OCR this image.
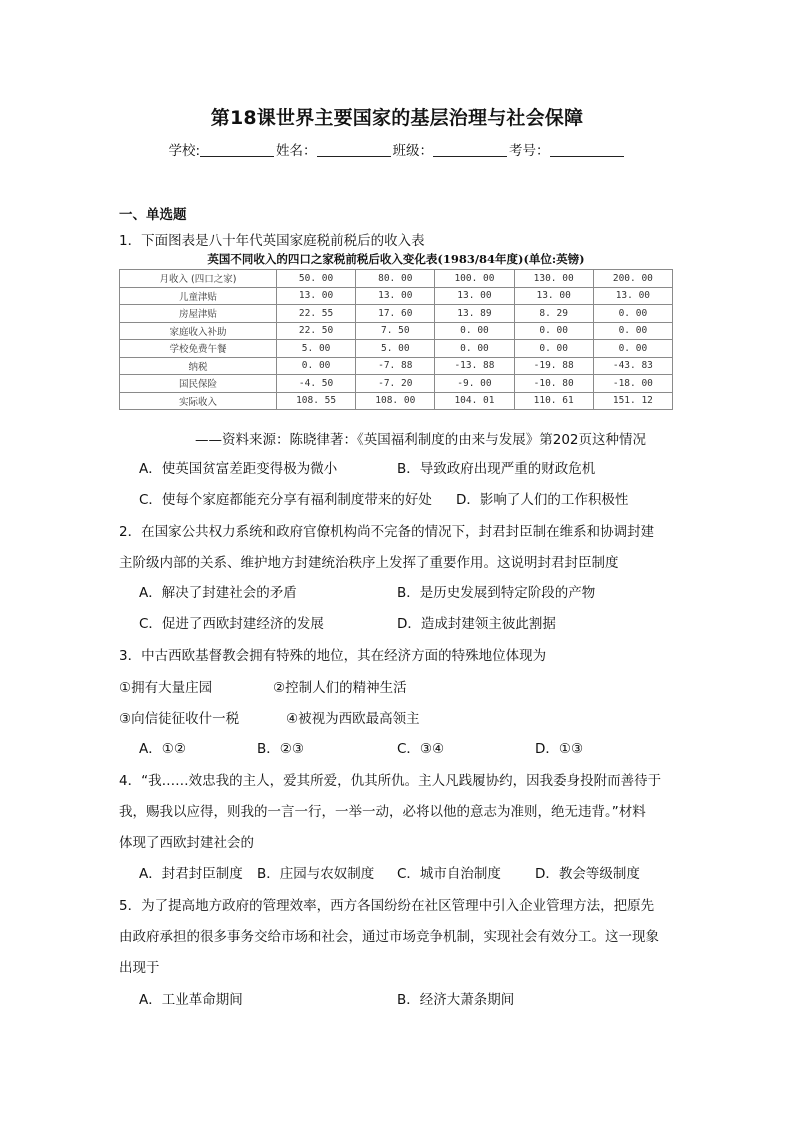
第18课世界主要国家的基层治理与社会保障
学校:	姓名：	班级：	考号：
一、单选题
1．下面图表是八十年代英国家庭税前税后的收入表
英国不同收入的四口之家税前税后收入变化表(1983/84年度)(单位:英镑)
月收入 (四口之家)	50. 00	80. 00	100. 00	130. 00	200. 00
儿童津贴	13. 00	13. 00	13. 00	13. 00	13. 00
房屋津贴	22. 55	17. 60	13. 89	8. 29	0. 00
家庭收入补助	22. 50	7. 50	0. 00	0. 00	0. 00
学校免费午餐	5. 00	5. 00	0. 00	0. 00	0. 00
纳税	0. 00	-7. 88	-13. 88	-19. 88	-43. 83
国民保险	-4. 50	-7. 20	-9. 00	-10. 80	-18. 00
实际收入	108. 55	108. 00	104. 01	110. 61	151. 12
——资料来源：陈晓律著：《英国福利制度的由来与发展》第202页这种情况
A．使英国贫富差距变得极为微小	B．导致政府出现严重的财政危机
C．使每个家庭都能充分享有福利制度带来的好处 D．影响了人们的工作积极性
2．在国家公共权力系统和政府官僚机构尚不完备的情况下，封君封臣制在维系和协调封建
主阶级内部的关系、维护地方封建统治秩序上发挥了重要作用。这说明封君封臣制度
A．解决了封建社会的矛盾	B．是历史发展到特定阶段的产物
C．促进了西欧封建经济的发展	D．造成封建领主彼此割据
3．中古西欧基督教会拥有特殊的地位，其在经济方面的特殊地位体现为
①拥有大量庄园	②控制人们的精神生活
③向信徒征收什一税	④被视为西欧最高领主
A．①②	B．②③	C．③④	D．①③
4．“我……效忠我的主人，爱其所爱，仇其所仇。主人凡践履协约，因我委身投附而善待于
我，赐我以应得，则我的一言一行，一举一动，必将以他的意志为准则，绝无违背。”材料
体现了西欧封建社会的
A．封君封臣制度 B．庄园与农奴制度 C．城市自治制度	D．教会等级制度
5．为了提高地方政府的管理效率，西方各国纷纷在社区管理中引入企业管理方法，把原先
由政府承担的很多事务交给市场和社会，通过市场竞争机制，实现社会有效分工。这一现象
出现于
A．工业革命期间	B．经济大萧条期间
